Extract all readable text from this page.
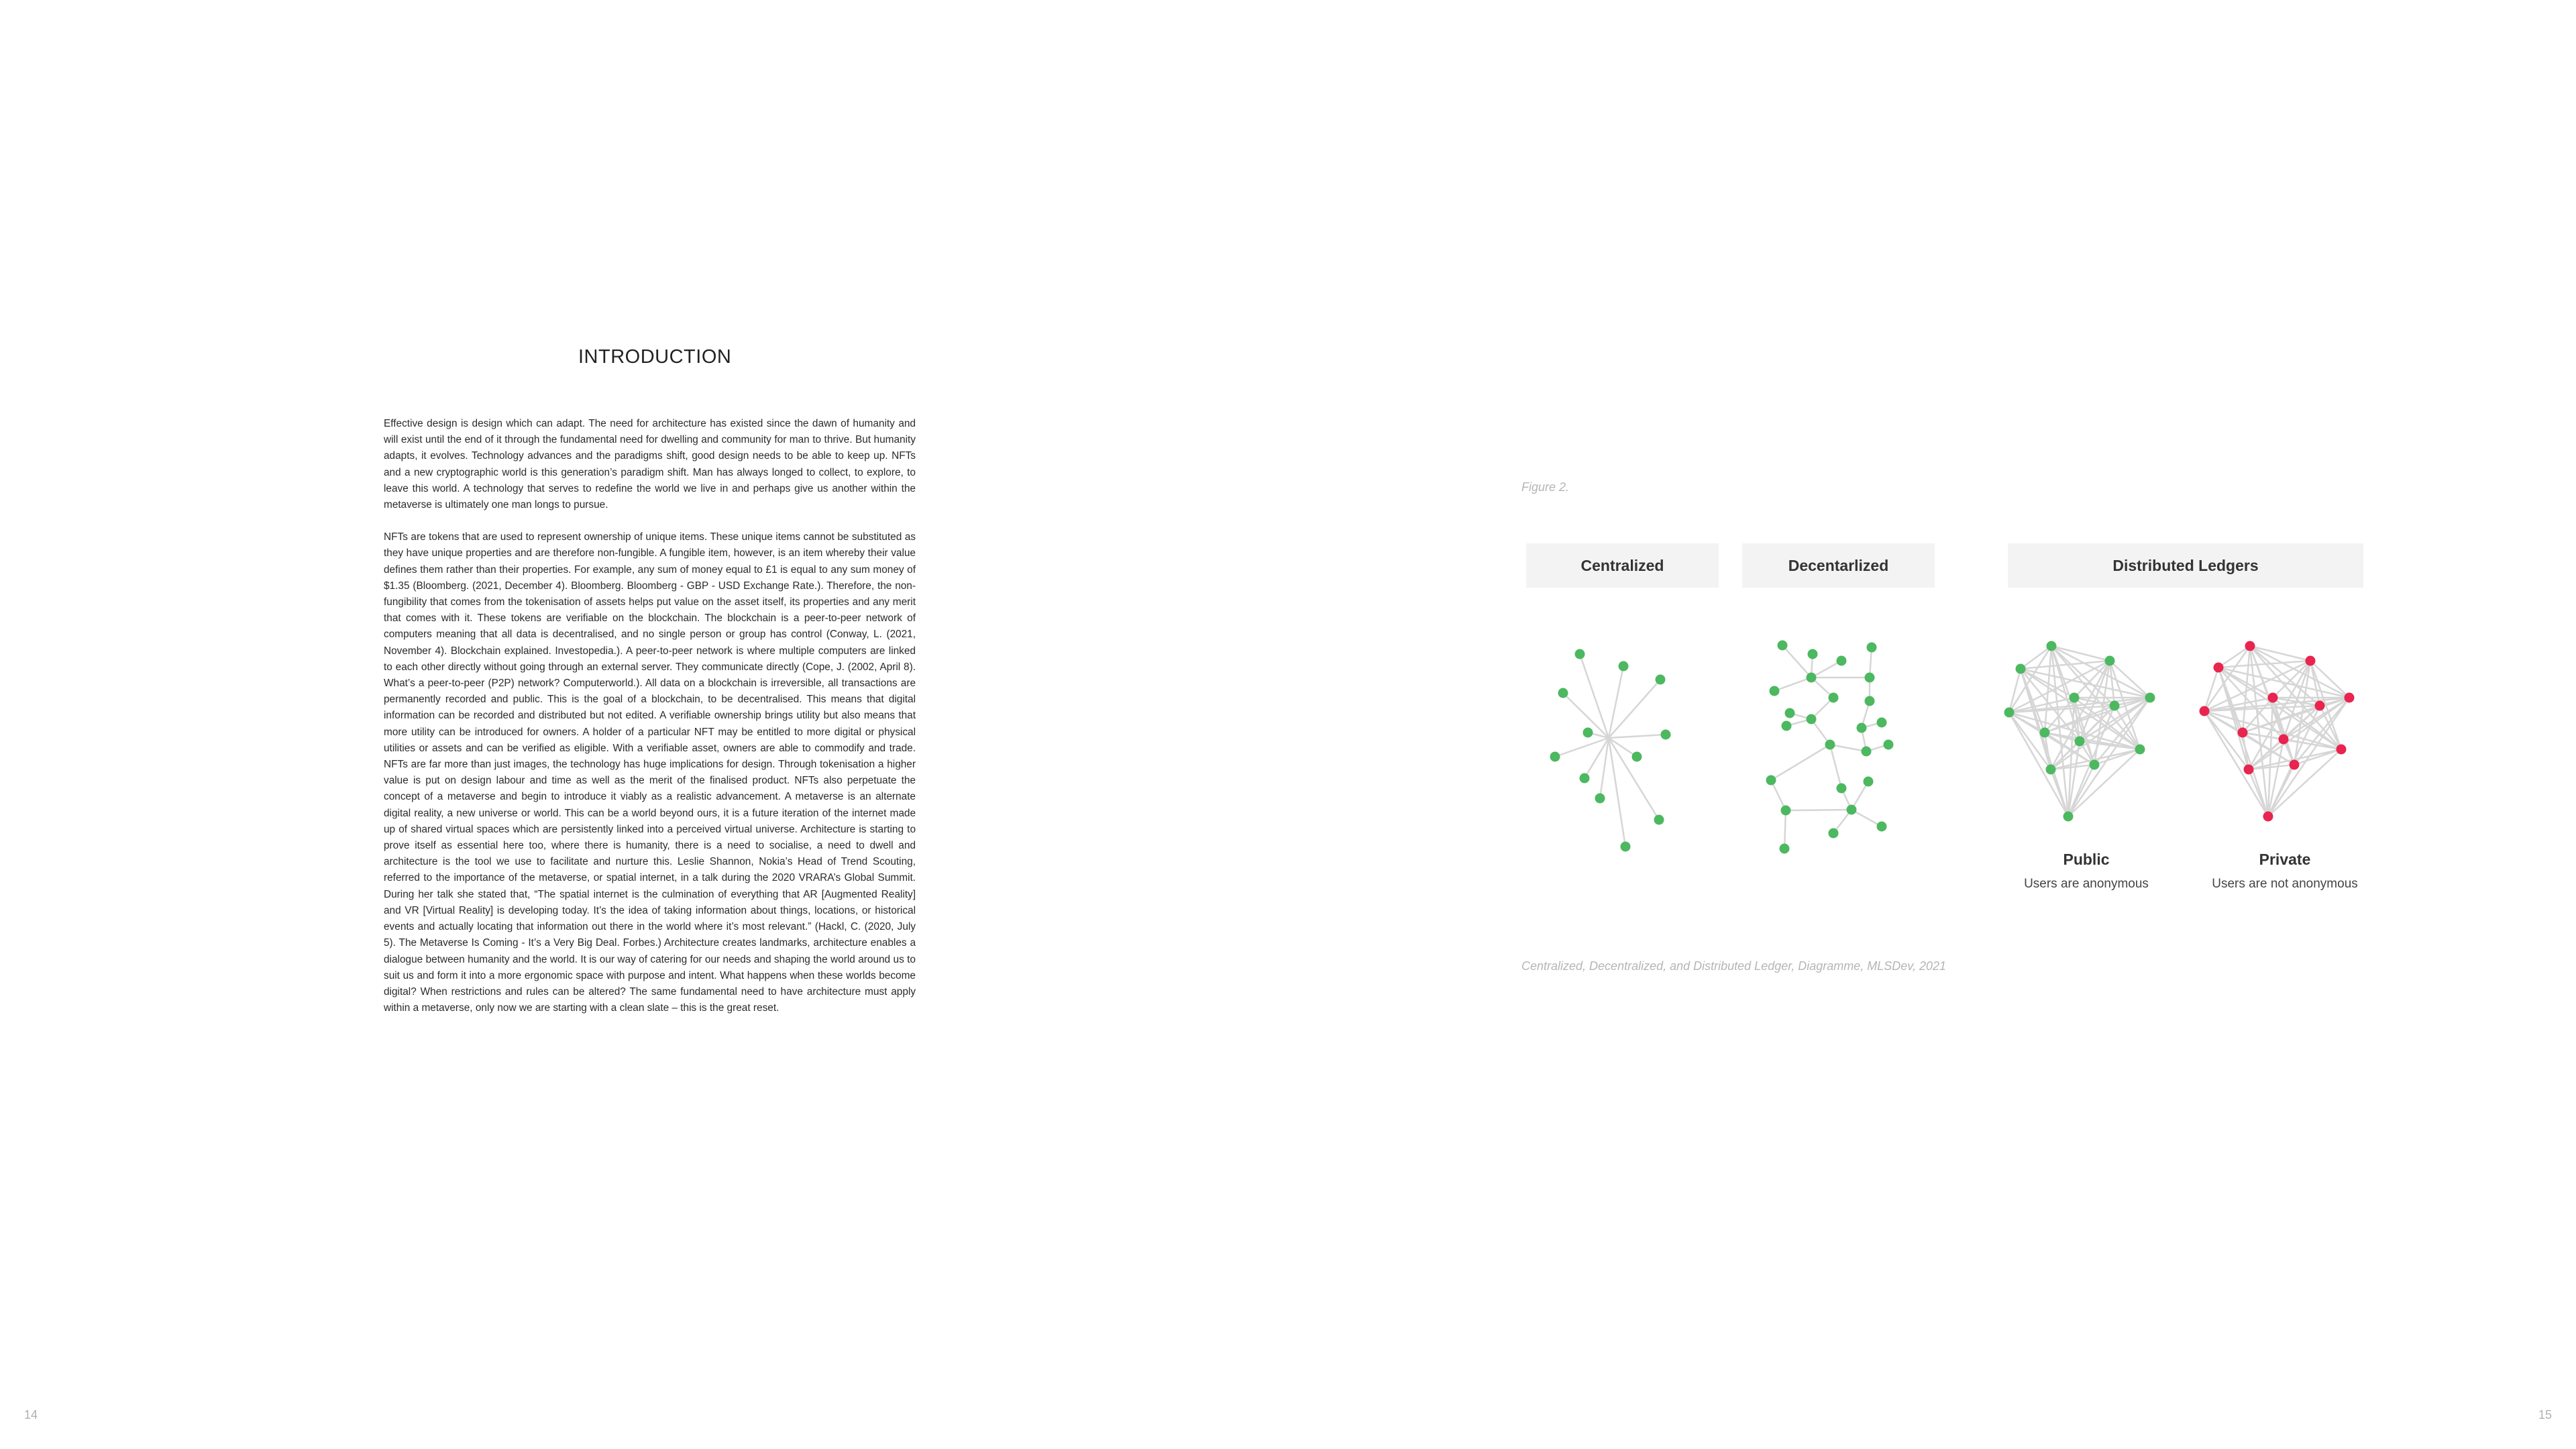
INTRODUCTION

Effective design is design which can adapt. The need for architecture has existed since the dawn of humanity and will exist until the end of it through the fundamental need for dwelling and community for man to thrive. But humanity adapts, it evolves. Technology advances and the paradigms shift, good design needs to be able to keep up. NFTs and a new cryptographic world is this generation’s paradigm shift. Man has always longed to collect, to explore, to leave this world. A technology that serves to redefine the world we live in and perhaps give us another within the metaverse is ultimately one man longs to pursue.

NFTs are tokens that are used to represent ownership of unique items. These unique items cannot be substituted as they have unique properties and are therefore non-fungible. A fungible item, however, is an item whereby their value defines them rather than their properties. For example, any sum of money equal to £1 is equal to any sum money of $1.35 (Bloomberg. (2021, December 4). Bloomberg. Bloomberg - GBP - USD Exchange Rate.). Therefore, the non-fungibility that comes from the tokenisation of assets helps put value on the asset itself, its properties and any merit that comes with it. These tokens are verifiable on the blockchain. The blockchain is a peer-to-peer network of computers meaning that all data is decentralised, and no single person or group has control (Conway, L. (2021, November 4). Blockchain explained. Investopedia.). A peer-to-peer network is where multiple computers are linked to each other directly without going through an external server. They communicate directly (Cope, J. (2002, April 8). What’s a peer-to-peer (P2P) network? Computerworld.). All data on a blockchain is irreversible, all transactions are permanently recorded and public. This is the goal of a blockchain, to be decentralised. This means that digital information can be recorded and distributed but not edited. A verifiable ownership brings utility but also means that more utility can be introduced for owners. A holder of a particular NFT may be entitled to more digital or physical utilities or assets and can be verified as eligible. With a verifiable asset, owners are able to commodify and trade. NFTs are far more than just images, the technology has huge implications for design. Through tokenisation a higher value is put on design labour and time as well as the merit of the finalised product. NFTs also perpetuate the concept of a metaverse and begin to introduce it viably as a realistic advancement. A metaverse is an alternate digital reality, a new universe or world. This can be a world beyond ours, it is a future iteration of the internet made up of shared virtual spaces which are persistently linked into a perceived virtual universe. Architecture is starting to prove itself as essential here too, where there is humanity, there is a need to socialise, a need to dwell and architecture is the tool we use to facilitate and nurture this. Leslie Shannon, Nokia’s Head of Trend Scouting, referred to the importance of the metaverse, or spatial internet, in a talk during the 2020 VRARA’s Global Summit. During her talk she stated that, “The spatial internet is the culmination of everything that AR [Augmented Reality] and VR [Virtual Reality] is developing today. It’s the idea of taking information about things, locations, or historical events and actually locating that information out there in the world where it’s most relevant.” (Hackl, C. (2020, July 5). The Metaverse Is Coming - It’s a Very Big Deal. Forbes.) Architecture creates landmarks, architecture enables a dialogue between humanity and the world. It is our way of catering for our needs and shaping the world around us to suit us and form it into a more ergonomic space with purpose and intent. What happens when these worlds become digital? When restrictions and rules can be altered? The same fundamental need to have architecture must apply within a metaverse, only now we are starting with a clean slate – this is the great reset.

14
Figure 2.
Centralized	Decentarlized	Distributed Ledgers
Public
Users are anonymous
Private
Users are not anonymous
Centralized, Decentralized, and Distributed Ledger, Diagramme, MLSDev, 2021
15
